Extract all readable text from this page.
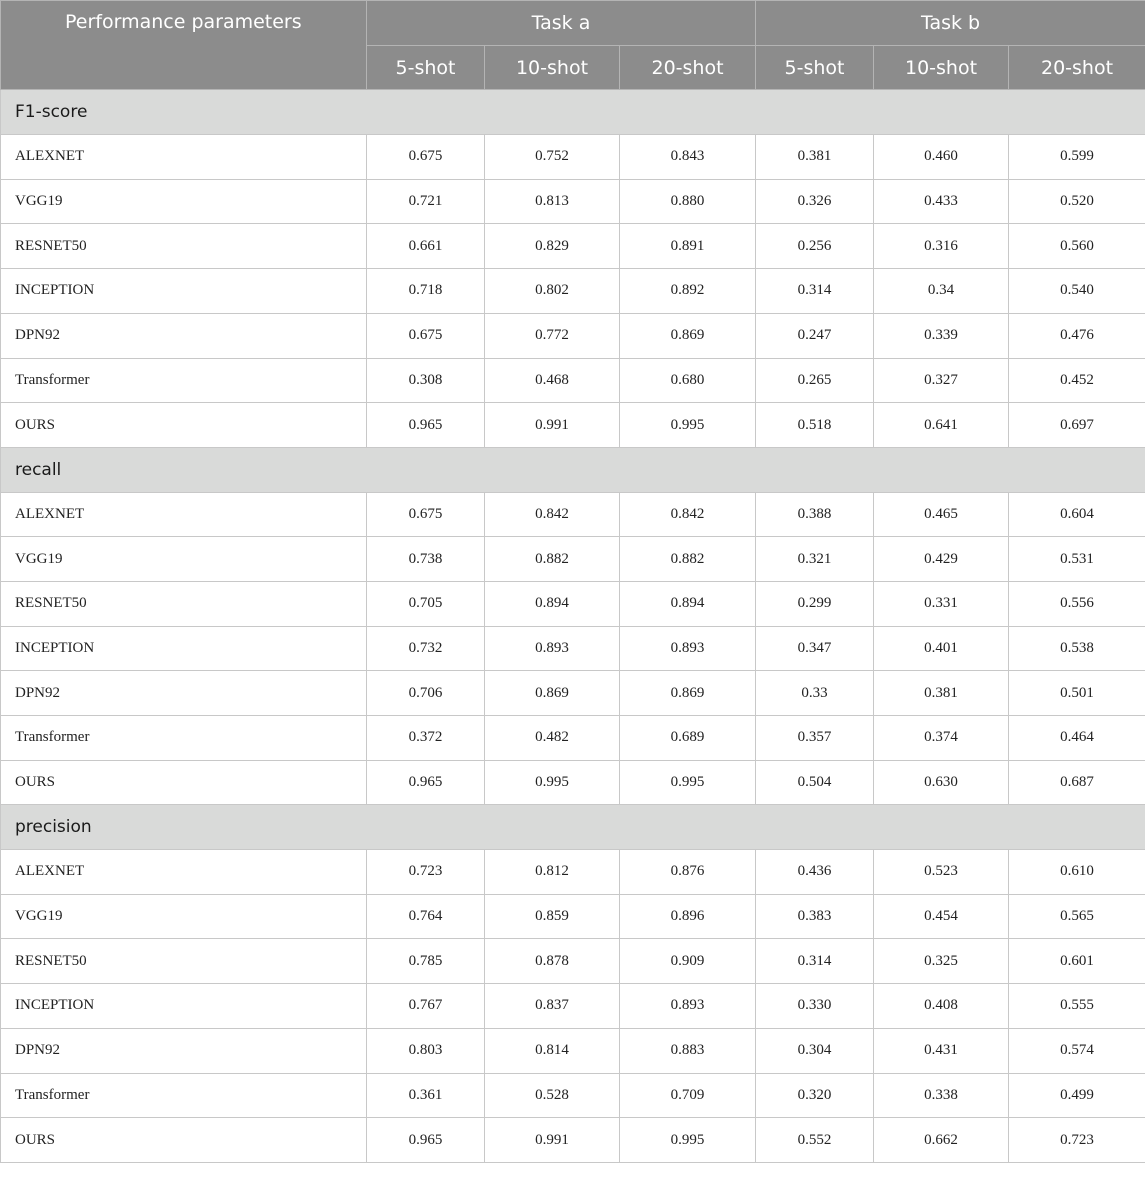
Performance parameters	Task a			Task b		
	5-shot	10-shot	20-shot	5-shot	10-shot	20-shot
F1-score						
ALEXNET	0.675	0.752	0.843	0.381	0.460	0.599
VGG19	0.721	0.813	0.880	0.326	0.433	0.520
RESNET50	0.661	0.829	0.891	0.256	0.316	0.560
INCEPTION	0.718	0.802	0.892	0.314	0.34	0.540
DPN92	0.675	0.772	0.869	0.247	0.339	0.476
Transformer	0.308	0.468	0.680	0.265	0.327	0.452
OURS	0.965	0.991	0.995	0.518	0.641	0.697
recall						
ALEXNET	0.675	0.842	0.842	0.388	0.465	0.604
VGG19	0.738	0.882	0.882	0.321	0.429	0.531
RESNET50	0.705	0.894	0.894	0.299	0.331	0.556
INCEPTION	0.732	0.893	0.893	0.347	0.401	0.538
DPN92	0.706	0.869	0.869	0.33	0.381	0.501
Transformer	0.372	0.482	0.689	0.357	0.374	0.464
OURS	0.965	0.995	0.995	0.504	0.630	0.687
precision						
ALEXNET	0.723	0.812	0.876	0.436	0.523	0.610
VGG19	0.764	0.859	0.896	0.383	0.454	0.565
RESNET50	0.785	0.878	0.909	0.314	0.325	0.601
INCEPTION	0.767	0.837	0.893	0.330	0.408	0.555
DPN92	0.803	0.814	0.883	0.304	0.431	0.574
Transformer	0.361	0.528	0.709	0.320	0.338	0.499
OURS	0.965	0.991	0.995	0.552	0.662	0.723
